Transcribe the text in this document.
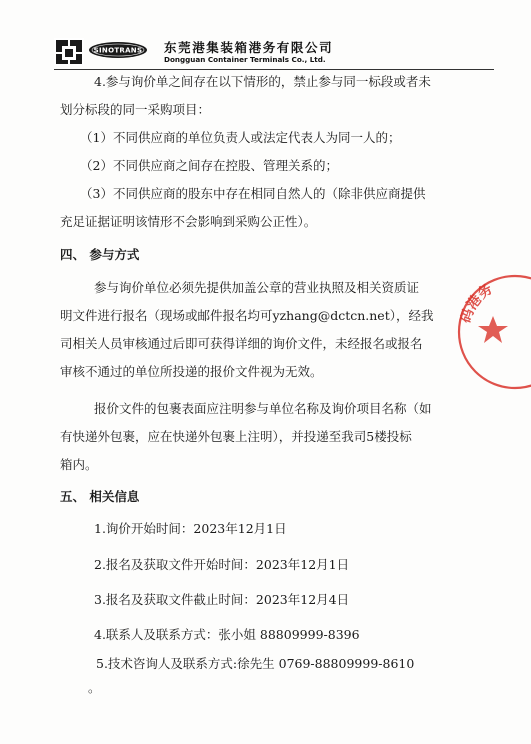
SINOTRANS 东莞港集装箱港务有限公司
Dongguan Container Terminals Co., Ltd.
4.参与询价单之间存在以下情形的，禁止参与同一标段或者未
划分标段的同一采购项目：
（1）不同供应商的单位负责人或法定代表人为同一人的；
（2）不同供应商之间存在控股、管理关系的；
（3）不同供应商的股东中存在相同自然人的（除非供应商提供
充足证据证明该情形不会影响到采购公正性）。
四、 参与方式
参与询价单位必须先提供加盖公章的营业执照及相关资质证
明文件进行报名（现场或邮件报名均可yzhang@dctcn.net），经我
司相关人员审核通过后即可获得详细的询价文件，未经报名或报名
审核不通过的单位所投递的报价文件视为无效。
报价文件的包裹表面应注明参与单位名称及询价项目名称（如
有快递外包裹，应在快递外包裹上注明），并投递至我司5楼投标
箱内。
五、 相关信息
1.询价开始时间：2023年12月1日
2.报名及获取文件开始时间：2023年12月1日
3.报名及获取文件截止时间：2023年12月4日
4.联系人及联系方式：张小姐 88809999-8396
5.技术咨询人及联系方式:徐先生 0769-88809999-8610
。
码港务
